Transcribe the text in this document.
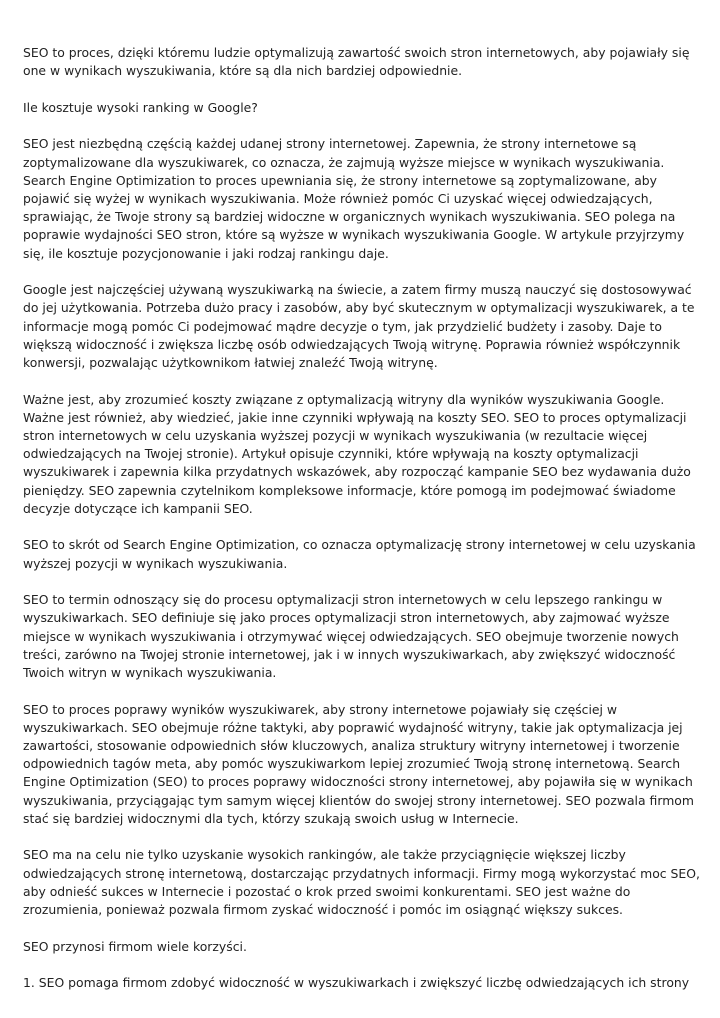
SEO to proces, dzięki któremu ludzie optymalizują zawartość swoich stron internetowych, aby pojawiały się one w wynikach wyszukiwania, które są dla nich bardziej odpowiednie.

Ile kosztuje wysoki ranking w Google?

SEO jest niezbędną częścią każdej udanej strony internetowej. Zapewnia, że strony internetowe są zoptymalizowane dla wyszukiwarek, co oznacza, że zajmują wyższe miejsce w wynikach wyszukiwania. Search Engine Optimization to proces upewniania się, że strony internetowe są zoptymalizowane, aby pojawić się wyżej w wynikach wyszukiwania. Może również pomóc Ci uzyskać więcej odwiedzających, sprawiając, że Twoje strony są bardziej widoczne w organicznych wynikach wyszukiwania. SEO polega na poprawie wydajności SEO stron, które są wyższe w wynikach wyszukiwania Google. W artykule przyjrzymy się, ile kosztuje pozycjonowanie i jaki rodzaj rankingu daje.

Google jest najczęściej używaną wyszukiwarką na świecie, a zatem firmy muszą nauczyć się dostosowywać do jej użytkowania. Potrzeba dużo pracy i zasobów, aby być skutecznym w optymalizacji wyszukiwarek, a te informacje mogą pomóc Ci podejmować mądre decyzje o tym, jak przydzielić budżety i zasoby. Daje to większą widoczność i zwiększa liczbę osób odwiedzających Twoją witrynę. Poprawia również współczynnik konwersji, pozwalając użytkownikom łatwiej znaleźć Twoją witrynę.

Ważne jest, aby zrozumieć koszty związane z optymalizacją witryny dla wyników wyszukiwania Google. Ważne jest również, aby wiedzieć, jakie inne czynniki wpływają na koszty SEO. SEO to proces optymalizacji stron internetowych w celu uzyskania wyższej pozycji w wynikach wyszukiwania (w rezultacie więcej odwiedzających na Twojej stronie). Artykuł opisuje czynniki, które wpływają na koszty optymalizacji wyszukiwarek i zapewnia kilka przydatnych wskazówek, aby rozpocząć kampanie SEO bez wydawania dużo pieniędzy. SEO zapewnia czytelnikom kompleksowe informacje, które pomogą im podejmować świadome decyzje dotyczące ich kampanii SEO.

SEO to skrót od Search Engine Optimization, co oznacza optymalizację strony internetowej w celu uzyskania wyższej pozycji w wynikach wyszukiwania.

SEO to termin odnoszący się do procesu optymalizacji stron internetowych w celu lepszego rankingu w wyszukiwarkach. SEO definiuje się jako proces optymalizacji stron internetowych, aby zajmować wyższe miejsce w wynikach wyszukiwania i otrzymywać więcej odwiedzających. SEO obejmuje tworzenie nowych treści, zarówno na Twojej stronie internetowej, jak i w innych wyszukiwarkach, aby zwiększyć widoczność Twoich witryn w wynikach wyszukiwania.

SEO to proces poprawy wyników wyszukiwarek, aby strony internetowe pojawiały się częściej w wyszukiwarkach. SEO obejmuje różne taktyki, aby poprawić wydajność witryny, takie jak optymalizacja jej zawartości, stosowanie odpowiednich słów kluczowych, analiza struktury witryny internetowej i tworzenie odpowiednich tagów meta, aby pomóc wyszukiwarkom lepiej zrozumieć Twoją stronę internetową. Search Engine Optimization (SEO) to proces poprawy widoczności strony internetowej, aby pojawiła się w wynikach wyszukiwania, przyciągając tym samym więcej klientów do swojej strony internetowej. SEO pozwala firmom stać się bardziej widocznymi dla tych, którzy szukają swoich usług w Internecie.

SEO ma na celu nie tylko uzyskanie wysokich rankingów, ale także przyciągnięcie większej liczby odwiedzających stronę internetową, dostarczając przydatnych informacji. Firmy mogą wykorzystać moc SEO, aby odnieść sukces w Internecie i pozostać o krok przed swoimi konkurentami. SEO jest ważne do zrozumienia, ponieważ pozwala firmom zyskać widoczność i pomóc im osiągnąć większy sukces.

SEO przynosi firmom wiele korzyści.

1. SEO pomaga firmom zdobyć widoczność w wyszukiwarkach i zwiększyć liczbę odwiedzających ich strony
